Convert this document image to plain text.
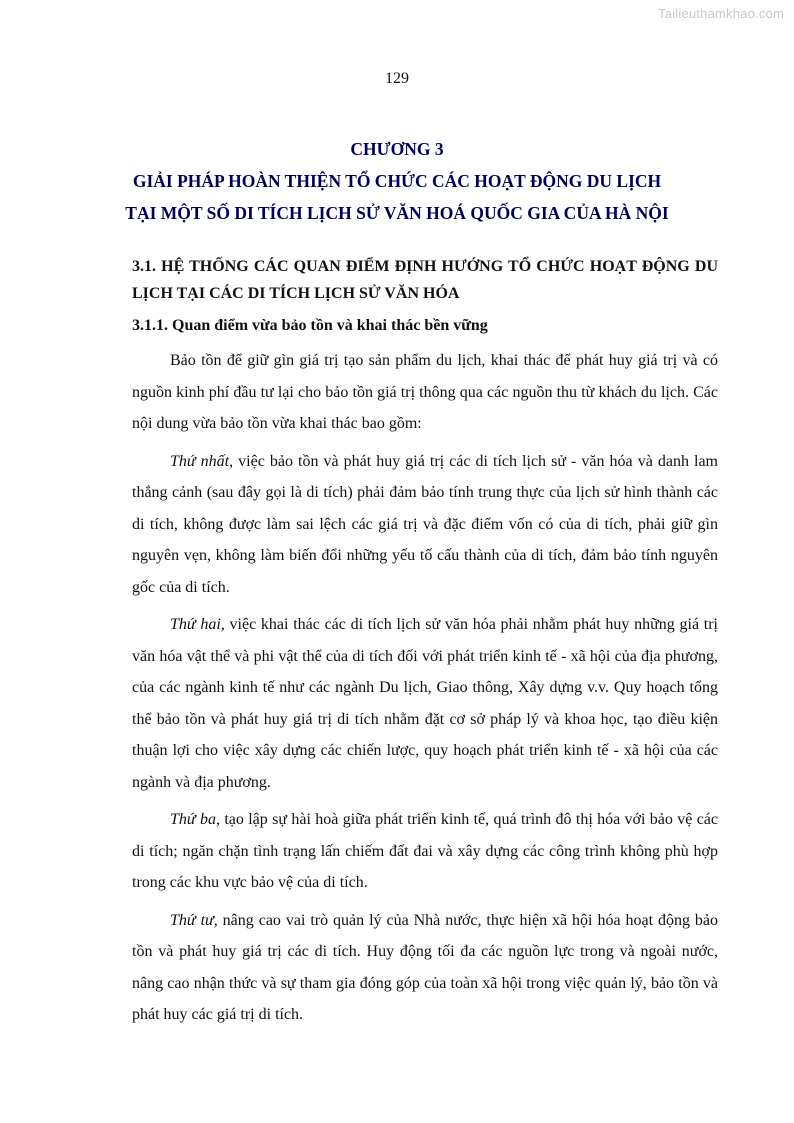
Tailieuthamkhao.com
129
CHƯƠNG 3
GIẢI PHÁP HOÀN THIỆN TỔ CHỨC CÁC HOẠT ĐỘNG DU LỊCH
TẠI MỘT SỐ DI TÍCH LỊCH SỬ VĂN HOÁ QUỐC GIA CỦA HÀ NỘI
3.1. HỆ THỐNG CÁC QUAN ĐIỂM ĐỊNH HƯỚNG TỔ CHỨC HOẠT ĐỘNG DU LỊCH TẠI CÁC DI TÍCH LỊCH SỬ VĂN HÓA
3.1.1. Quan điểm vừa bảo tồn và khai thác bền vững

Bảo tồn để giữ gìn giá trị tạo sản phẩm du lịch, khai thác để phát huy giá trị và có nguồn kinh phí đầu tư lại cho bảo tồn giá trị thông qua các nguồn thu từ khách du lịch. Các nội dung vừa bảo tồn vừa khai thác bao gồm:

Thứ nhất, việc bảo tồn và phát huy giá trị các di tích lịch sử - văn hóa và danh lam thắng cảnh (sau đây gọi là di tích) phải đảm bảo tính trung thực của lịch sử hình thành các di tích, không được làm sai lệch các giá trị và đặc điểm vốn có của di tích, phải giữ gìn nguyên vẹn, không làm biến đổi những yếu tố cấu thành của di tích, đảm bảo tính nguyên gốc của di tích.

Thứ hai, việc khai thác các di tích lịch sử văn hóa phải nhằm phát huy những giá trị văn hóa vật thể và phi vật thể của di tích đối với phát triển kinh tế - xã hội của địa phương, của các ngành kinh tế như các ngành Du lịch, Giao thông, Xây dựng v.v. Quy hoạch tổng thể bảo tồn và phát huy giá trị di tích nhằm đặt cơ sở pháp lý và khoa học, tạo điều kiện thuận lợi cho việc xây dựng các chiến lược, quy hoạch phát triển kinh tế - xã hội của các ngành và địa phương.

Thứ ba, tạo lập sự hài hoà giữa phát triển kinh tế, quá trình đô thị hóa với bảo vệ các di tích; ngăn chặn tình trạng lấn chiếm đất đai và xây dựng các công trình không phù hợp trong các khu vực bảo vệ của di tích.

Thứ tư, nâng cao vai trò quản lý của Nhà nước, thực hiện xã hội hóa hoạt động bảo tồn và phát huy giá trị các di tích. Huy động tối đa các nguồn lực trong và ngoài nước, nâng cao nhận thức và sự tham gia đóng góp của toàn xã hội trong việc quản lý, bảo tồn và phát huy các giá trị di tích.
